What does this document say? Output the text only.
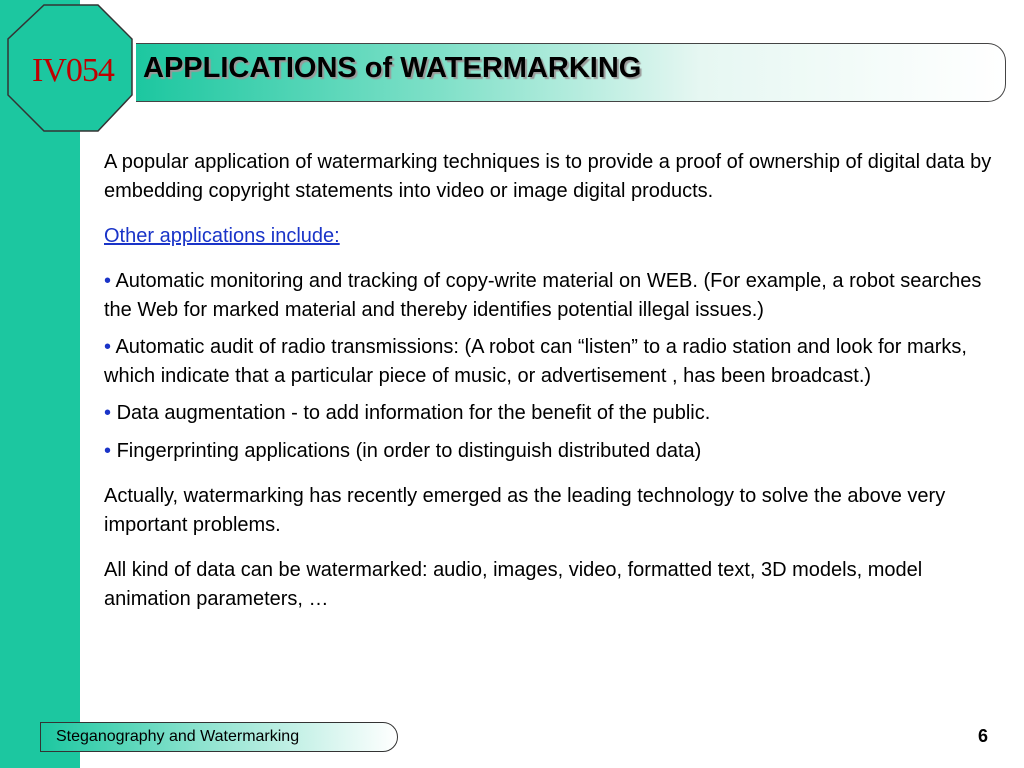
IV054	APPLICATIONS of WATERMARKING

A popular application of watermarking techniques is to provide a proof of ownership of digital data by embedding copyright statements into video or image digital products.

Other applications include:

• Automatic monitoring and tracking of copy-write material on WEB. (For example, a robot searches the Web for marked material and thereby identifies potential illegal issues.)

• Automatic audit of radio transmissions: (A robot can “listen” to a radio station and look for marks, which indicate that a particular piece of music, or advertisement , has been broadcast.)

• Data augmentation - to add information for the benefit of the public.

• Fingerprinting applications (in order to distinguish distributed data)

Actually, watermarking has recently emerged as the leading technology to solve the above very important problems.

All kind of data can be watermarked: audio, images, video, formatted text, 3D models, model animation parameters, …

Steganography and Watermarking	6
